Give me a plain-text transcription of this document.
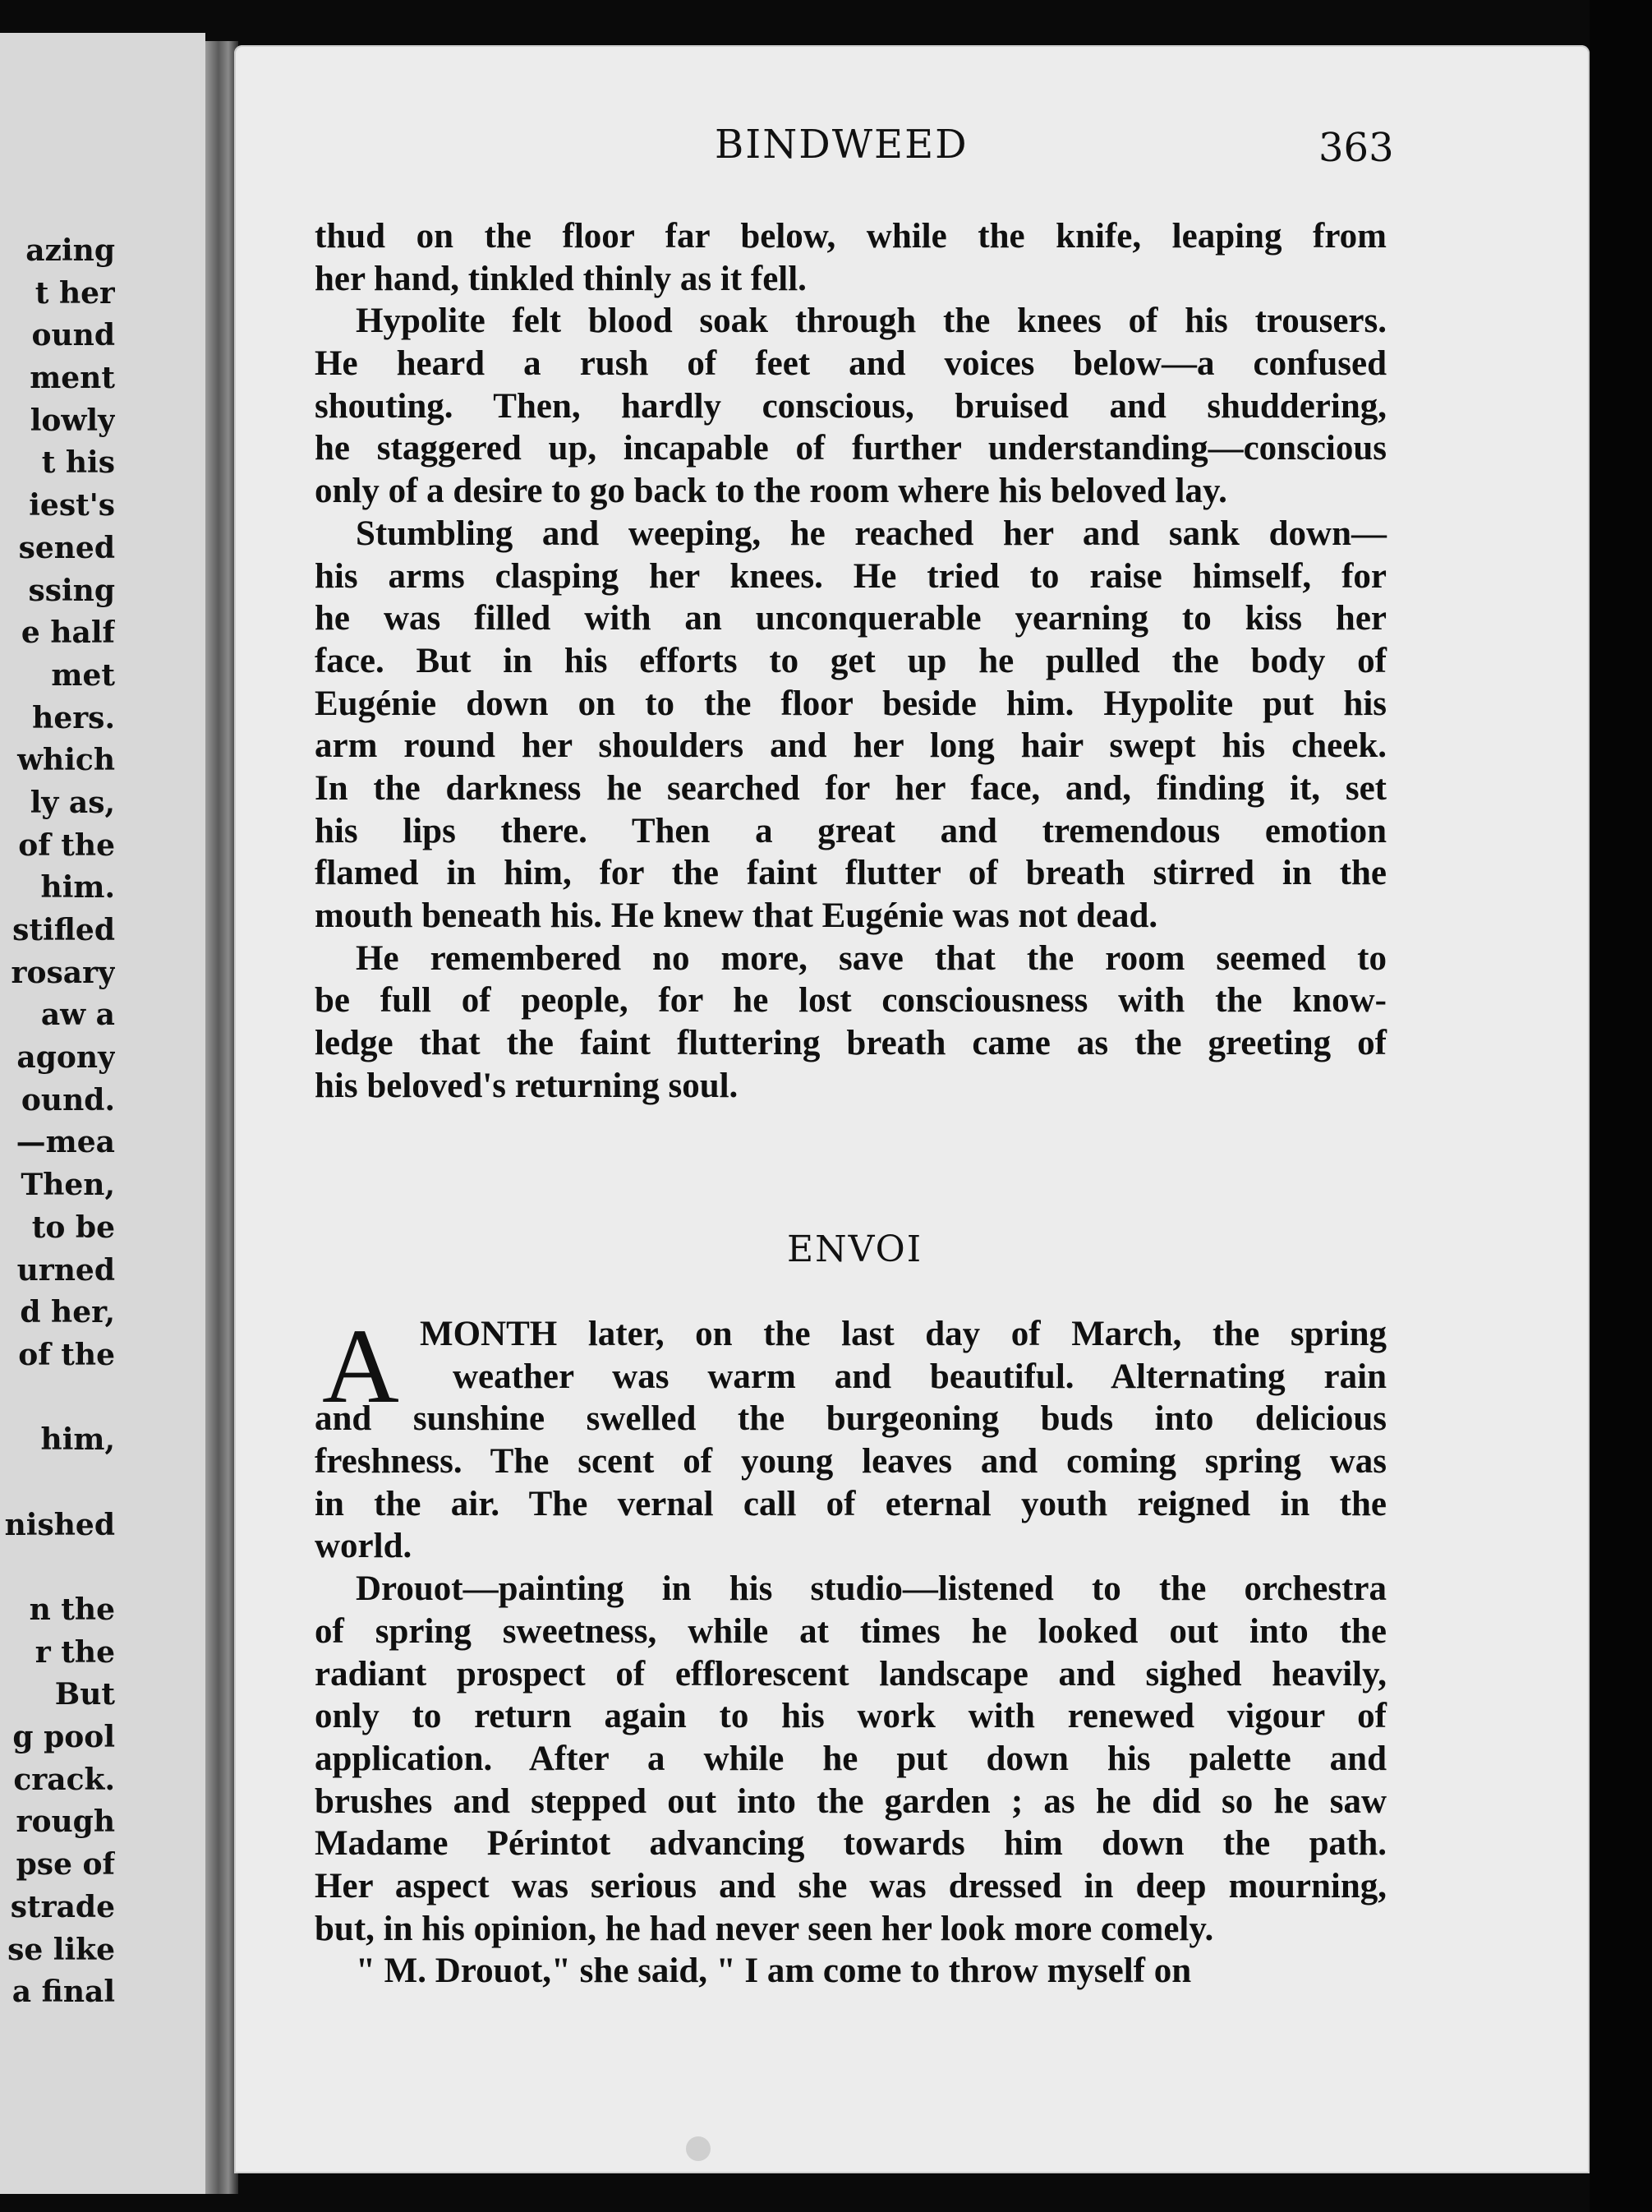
azing
t her
ound
ment
lowly
t his
iest's
sened
ssing
e half
met
hers.
which
ly as,
of the
him.
stifled
rosary
aw a
agony
ound.
—mea
Then,
to be
urned
d her,
of the
him,
nished
n the
r the
But
g pool
crack.
rough
pse of
strade
se like
a final
BINDWEED	363
thud on the floor far below, while the knife, leaping from
her hand, tinkled thinly as it fell.
Hypolite felt blood soak through the knees of his trousers.
He heard a rush of feet and voices below—a confused
shouting. Then, hardly conscious, bruised and shuddering,
he staggered up, incapable of further understanding—conscious
only of a desire to go back to the room where his beloved lay.
Stumbling and weeping, he reached her and sank down—
his arms clasping her knees. He tried to raise himself, for
he was filled with an unconquerable yearning to kiss her
face. But in his efforts to get up he pulled the body of
Eugénie down on to the floor beside him. Hypolite put his
arm round her shoulders and her long hair swept his cheek.
In the darkness he searched for her face, and, finding it, set
his lips there. Then a great and tremendous emotion
flamed in him, for the faint flutter of breath stirred in the
mouth beneath his. He knew that Eugénie was not dead.
He remembered no more, save that the room seemed to
be full of people, for he lost consciousness with the know-
ledge that the faint fluttering breath came as the greeting of
his beloved's returning soul.
ENVOI
A MONTH later, on the last day of March, the spring
weather was warm and beautiful. Alternating rain
and sunshine swelled the burgeoning buds into delicious
freshness. The scent of young leaves and coming spring was
in the air. The vernal call of eternal youth reigned in the
world.
Drouot—painting in his studio—listened to the orchestra
of spring sweetness, while at times he looked out into the
radiant prospect of efflorescent landscape and sighed heavily,
only to return again to his work with renewed vigour of
application. After a while he put down his palette and
brushes and stepped out into the garden ; as he did so he saw
Madame Périntot advancing towards him down the path.
Her aspect was serious and she was dressed in deep mourning,
but, in his opinion, he had never seen her look more comely.
" M. Drouot," she said, " I am come to throw myself on
